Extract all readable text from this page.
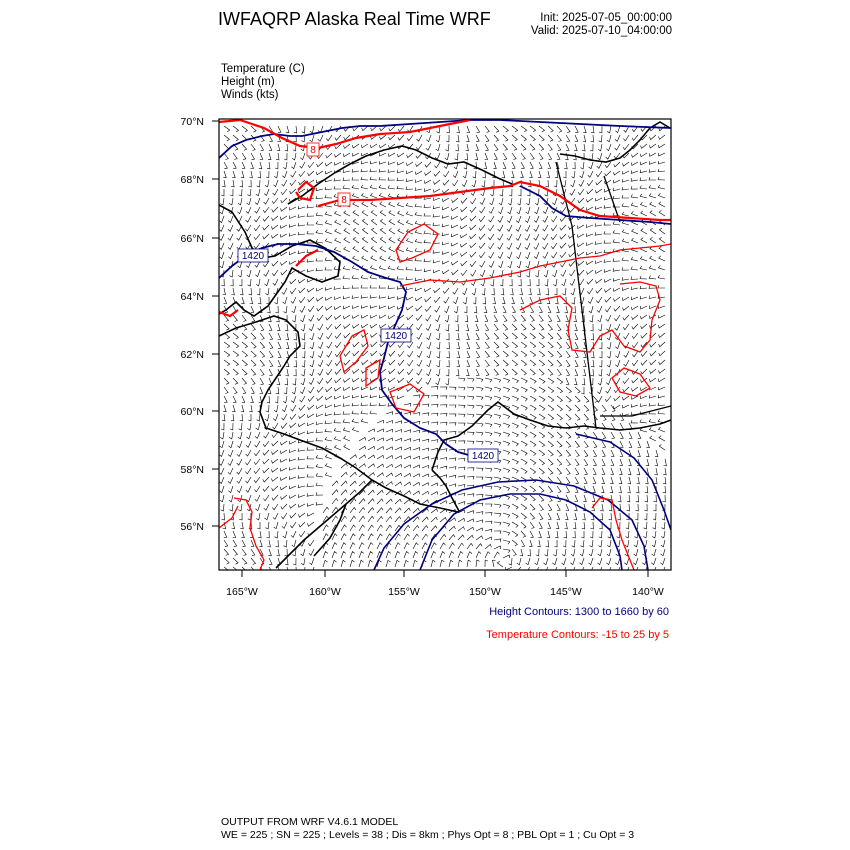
IWFAQRP Alaska Real Time WRF	Init: 2025-07-05_00:00:00
Valid: 2025-07-10_04:00:00
Temperature (C)
Height (m)
Winds (kts)
8
8
1420
1420
1420
70°N
68°N
66°N
64°N
62°N
60°N
58°N
56°N
165°W	160°W	155°W	150°W	145°W	140°W
Height Contours: 1300 to 1660 by 60
Temperature Contours: -15 to 25 by 5
OUTPUT FROM WRF V4.6.1 MODEL
WE = 225 ; SN = 225 ; Levels = 38 ; Dis = 8km ; Phys Opt = 8 ; PBL Opt = 1 ; Cu Opt = 3
